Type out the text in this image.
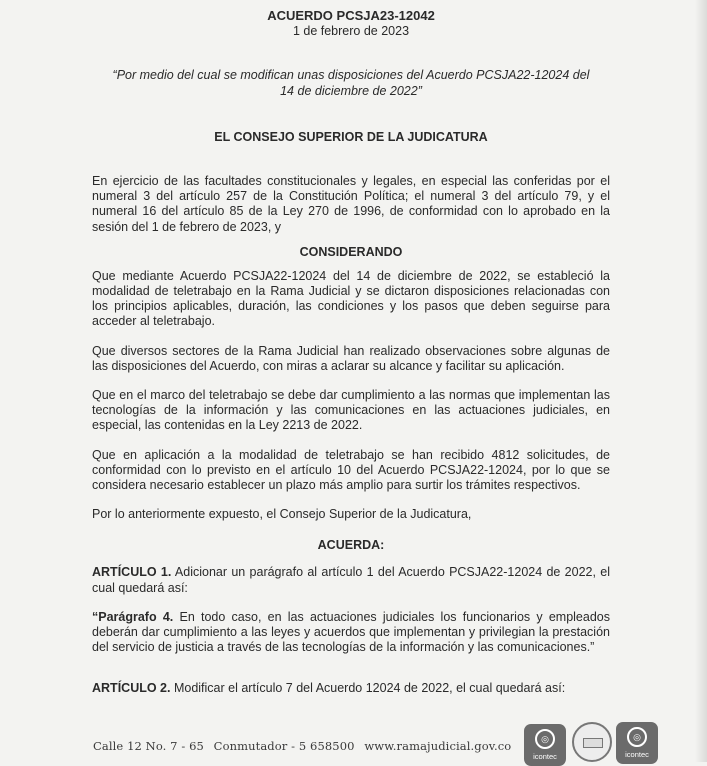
ACUERDO PCSJA23-12042

1 de febrero de 2023

“Por medio del cual se modifican unas disposiciones del Acuerdo PCSJA22-12024 del 14 de diciembre de 2022”

EL CONSEJO SUPERIOR DE LA JUDICATURA

En ejercicio de las facultades constitucionales y legales, en especial las conferidas por el numeral 3 del artículo 257 de la Constitución Política; el numeral 3 del artículo 79, y el numeral 16 del artículo 85 de la Ley 270 de 1996, de conformidad con lo aprobado en la sesión del 1 de febrero de 2023, y

CONSIDERANDO

Que mediante Acuerdo PCSJA22-12024 del 14 de diciembre de 2022, se estableció la modalidad de teletrabajo en la Rama Judicial y se dictaron disposiciones relacionadas con los principios aplicables, duración, las condiciones y los pasos que deben seguirse para acceder al teletrabajo.

Que diversos sectores de la Rama Judicial han realizado observaciones sobre algunas de las disposiciones del Acuerdo, con miras a aclarar su alcance y facilitar su aplicación.

Que en el marco del teletrabajo se debe dar cumplimiento a las normas que implementan las tecnologías de la información y las comunicaciones en las actuaciones judiciales, en especial, las contenidas en la Ley 2213 de 2022.

Que en aplicación a la modalidad de teletrabajo se han recibido 4812 solicitudes, de conformidad con lo previsto en el artículo 10 del Acuerdo PCSJA22-12024, por lo que se considera necesario establecer un plazo más amplio para surtir los trámites respectivos.

Por lo anteriormente expuesto, el Consejo Superior de la Judicatura,

ACUERDA:

ARTÍCULO 1. Adicionar un parágrafo al artículo 1 del Acuerdo PCSJA22-12024 de 2022, el cual quedará así:

“Parágrafo 4. En todo caso, en las actuaciones judiciales los funcionarios y empleados deberán dar cumplimiento a las leyes y acuerdos que implementan y privilegian la prestación del servicio de justicia a través de las tecnologías de la información y las comunicaciones.”

ARTÍCULO 2. Modificar el artículo 7 del Acuerdo 12024 de 2022, el cual quedará así:

Calle 12 No. 7 - 65 Conmutador - 5 658500 www.ramajudicial.gov.co	◎
icontec
◎
icontec
